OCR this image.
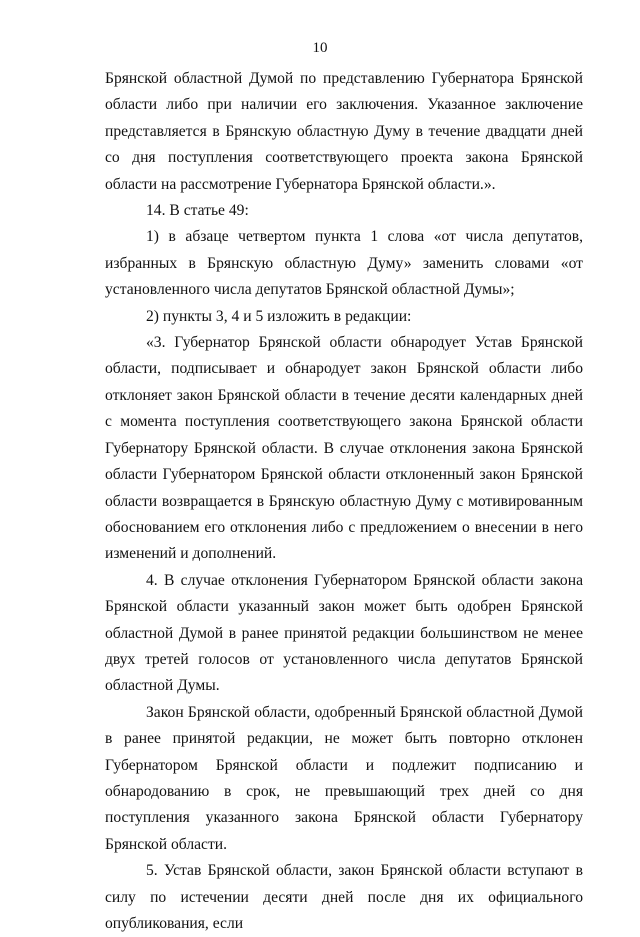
10

Брянской областной Думой по представлению Губернатора Брянской области либо при наличии его заключения. Указанное заключение представляется в Брянскую областную Думу в течение двадцати дней со дня поступления соответствующего проекта закона Брянской области на рассмотрение Губернатора Брянской области.».

14. В статье 49:

1) в абзаце четвертом пункта 1 слова «от числа депутатов, избранных в Брянскую областную Думу» заменить словами «от установленного числа депутатов Брянской областной Думы»;

2) пункты 3, 4 и 5 изложить в редакции:

«3. Губернатор Брянской области обнародует Устав Брянской области, подписывает и обнародует закон Брянской области либо отклоняет закон Брянской области в течение десяти календарных дней с момента поступления соответствующего закона Брянской области Губернатору Брянской области. В случае отклонения закона Брянской области Губернатором Брянской области отклоненный закон Брянской области возвращается в Брянскую областную Думу с мотивированным обоснованием его отклонения либо с предложением о внесении в него изменений и дополнений.

4. В случае отклонения Губернатором Брянской области закона Брянской области указанный закон может быть одобрен Брянской областной Думой в ранее принятой редакции большинством не менее двух третей голосов от установленного числа депутатов Брянской областной Думы.

Закон Брянской области, одобренный Брянской областной Думой в ранее принятой редакции, не может быть повторно отклонен Губернатором Брянской области и подлежит подписанию и обнародованию в срок, не превышающий трех дней со дня поступления указанного закона Брянской области Губернатору Брянской области.

5. Устав Брянской области, закон Брянской области вступают в силу по истечении десяти дней после дня их официального опубликования, если
